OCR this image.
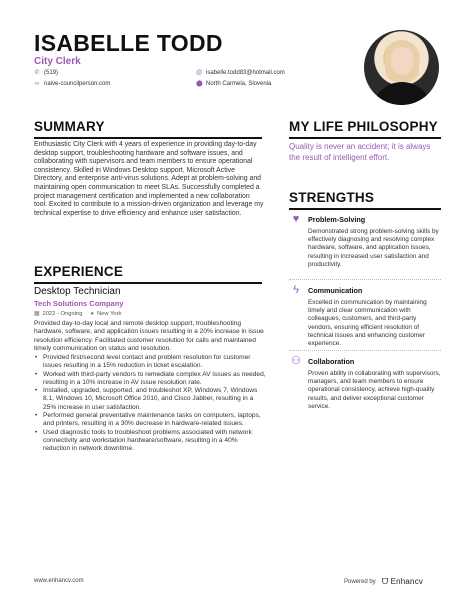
ISABELLE TODD
City Clerk
✆ (519)	@ isabelle.todd83@hotmail.com
∞ naive-councilperson.com	⬤ North Carmela, Slovenia
SUMMARY
Enthusiastic City Clerk with 4 years of experience in providing day-to-day desktop support, troubleshooting hardware and software issues, and collaborating with supervisors and team members to ensure operational consistency. Skilled in Windows Desktop support, Microsoft Active Directory, and enterprise anti-virus solutions. Adept at problem-solving and maintaining open communication to meet SLAs. Successfully completed a project management certification and implemented a new collaboration tool. Excited to contribute to a mission-driven organization and leverage my technical expertise to drive efficiency and enhance user satisfaction.
EXPERIENCE
Desktop Technician
Tech Solutions Company
▦ 2022 - Ongoing ● New York
Provided day-to-day local and remote desktop support, troubleshooting hardware, software, and application issues resulting in a 20% increase in issue resolution efficiency. Facilitated customer resolution for calls and maintained timely communication on status and resolution.
• Provided first/second level contact and problem resolution for customer issues resulting in a 15% reduction in ticket escalation.
• Worked with third-party vendors to remediate complex AV issues as needed, resulting in a 10% increase in AV issue resolution rate.
• Installed, upgraded, supported, and troubleshot XP, Windows 7, Windows 8.1, Windows 10, Microsoft Office 2010, and Cisco Jabber, resulting in a 25% increase in user satisfaction.
• Performed general preventative maintenance tasks on computers, laptops, and printers, resulting in a 30% decrease in hardware-related issues.
• Used diagnostic tools to troubleshoot problems associated with network connectivity and workstation hardware/software, resulting in a 40% reduction in network downtime.
MY LIFE PHILOSOPHY
Quality is never an accident; it is always the result of intelligent effort.
STRENGTHS
♥	Problem-Solving
Demonstrated strong problem-solving skills by effectively diagnosing and resolving complex hardware, software, and application issues, resulting in increased user satisfaction and productivity.
ϟ	Communication
Excelled in communication by maintaining timely and clear communication with colleagues, customers, and third-party vendors, ensuring efficient resolution of technical issues and enhancing customer experience.
⚇ Collaboration
Proven ability in collaborating with supervisors, managers, and team members to ensure operational consistency, achieve high-quality results, and deliver exceptional customer service.
www.enhancv.com	Powered by ᗜ Enhancv
